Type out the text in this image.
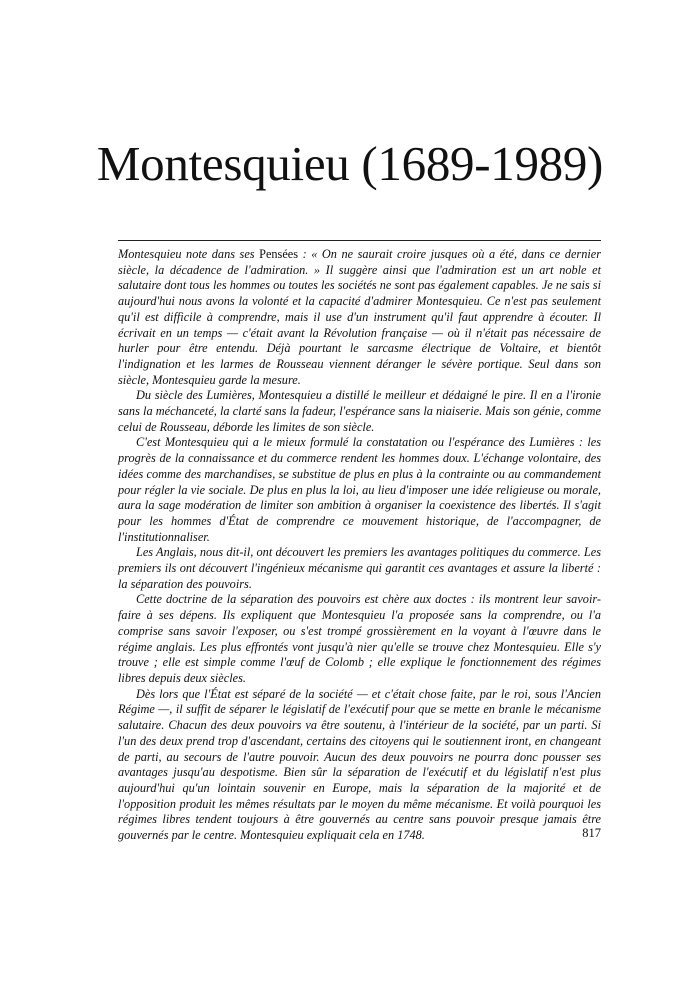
Montesquieu (1689-1989)

Montesquieu note dans ses Pensées : « On ne saurait croire jusques où a été, dans ce dernier siècle, la décadence de l'admiration. » Il suggère ainsi que l'admiration est un art noble et salutaire dont tous les hommes ou toutes les sociétés ne sont pas également capables. Je ne sais si aujourd'hui nous avons la volonté et la capacité d'admirer Montesquieu. Ce n'est pas seulement qu'il est difficile à comprendre, mais il use d'un instrument qu'il faut apprendre à écouter. Il écrivait en un temps — c'était avant la Révolution française — où il n'était pas nécessaire de hurler pour être entendu. Déjà pourtant le sarcasme électrique de Voltaire, et bientôt l'indignation et les larmes de Rousseau viennent déranger le sévère portique. Seul dans son siècle, Montesquieu garde la mesure.

Du siècle des Lumières, Montesquieu a distillé le meilleur et dédaigné le pire. Il en a l'ironie sans la méchanceté, la clarté sans la fadeur, l'espérance sans la niaiserie. Mais son génie, comme celui de Rousseau, déborde les limites de son siècle.

C'est Montesquieu qui a le mieux formulé la constatation ou l'espérance des Lumières : les progrès de la connaissance et du commerce rendent les hommes doux. L'échange volontaire, des idées comme des marchandises, se substitue de plus en plus à la contrainte ou au commandement pour régler la vie sociale. De plus en plus la loi, au lieu d'imposer une idée religieuse ou morale, aura la sage modération de limiter son ambition à organiser la coexistence des libertés. Il s'agit pour les hommes d'État de comprendre ce mouvement historique, de l'accompagner, de l'institutionnaliser.

Les Anglais, nous dit-il, ont découvert les premiers les avantages politiques du commerce. Les premiers ils ont découvert l'ingénieux mécanisme qui garantit ces avantages et assure la liberté : la séparation des pouvoirs.

Cette doctrine de la séparation des pouvoirs est chère aux doctes : ils montrent leur savoir-faire à ses dépens. Ils expliquent que Montesquieu l'a proposée sans la comprendre, ou l'a comprise sans savoir l'exposer, ou s'est trompé grossièrement en la voyant à l'œuvre dans le régime anglais. Les plus effrontés vont jusqu'à nier qu'elle se trouve chez Montesquieu. Elle s'y trouve ; elle est simple comme l'œuf de Colomb ; elle explique le fonctionnement des régimes libres depuis deux siècles.

Dès lors que l'État est séparé de la société — et c'était chose faite, par le roi, sous l'Ancien Régime —, il suffit de séparer le législatif de l'exécutif pour que se mette en branle le mécanisme salutaire. Chacun des deux pouvoirs va être soutenu, à l'intérieur de la société, par un parti. Si l'un des deux prend trop d'ascendant, certains des citoyens qui le soutiennent iront, en changeant de parti, au secours de l'autre pouvoir. Aucun des deux pouvoirs ne pourra donc pousser ses avantages jusqu'au despotisme. Bien sûr la séparation de l'exécutif et du législatif n'est plus aujourd'hui qu'un lointain souvenir en Europe, mais la séparation de la majorité et de l'opposition produit les mêmes résultats par le moyen du même mécanisme. Et voilà pourquoi les régimes libres tendent toujours à être gouvernés au centre sans pouvoir presque jamais être gouvernés par le centre. Montesquieu expliquait cela en 1748.	817
